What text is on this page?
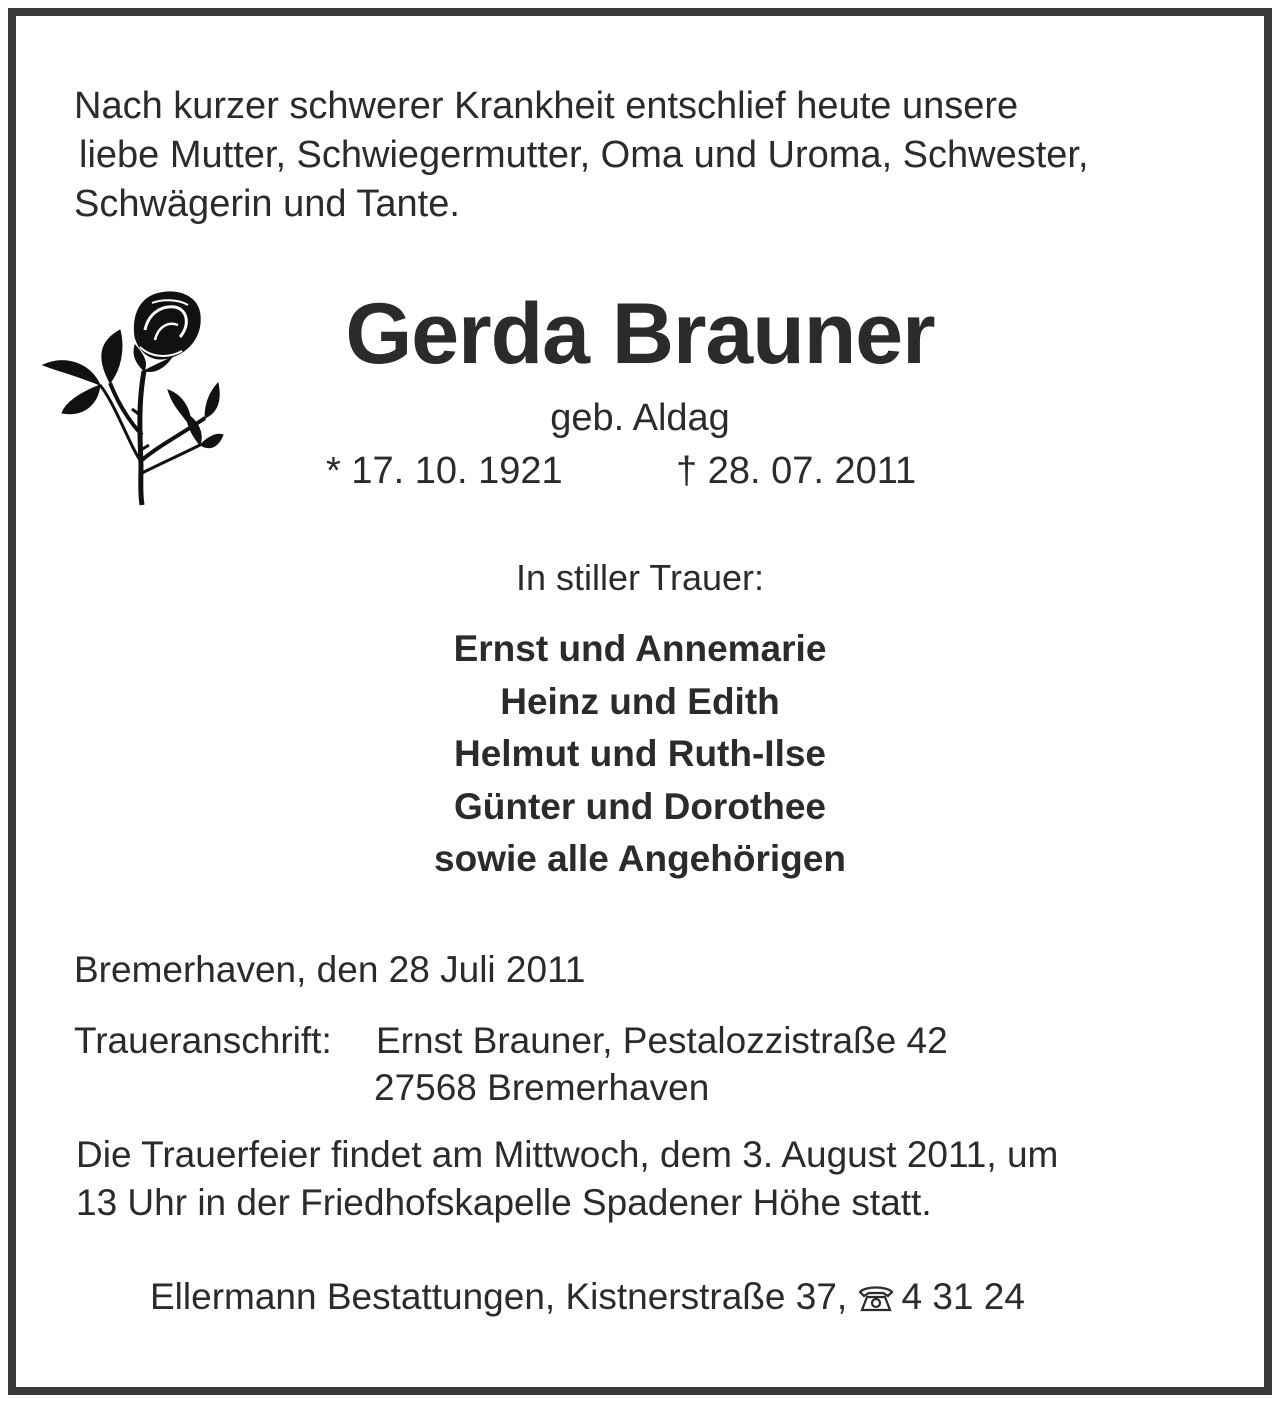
Nach kurzer schwerer Krankheit entschlief heute unsere
liebe Mutter, Schwiegermutter, Oma und Uroma, Schwester,
Schwägerin und Tante.
Gerda Brauner
geb. Aldag
* 17. 10. 1921	† 28. 07. 2011
In stiller Trauer:
Ernst und Annemarie
Heinz und Edith
Helmut und Ruth-Ilse
Günter und Dorothee
sowie alle Angehörigen
Bremerhaven, den 28 Juli 2011
Traueranschrift: Ernst Brauner, Pestalozzistraße 42
27568 Bremerhaven
Die Trauerfeier findet am Mittwoch, dem 3. August 2011, um
13 Uhr in der Friedhofskapelle Spadener Höhe statt.
Ellermann Bestattungen, Kistnerstraße 37, 4 31 24
